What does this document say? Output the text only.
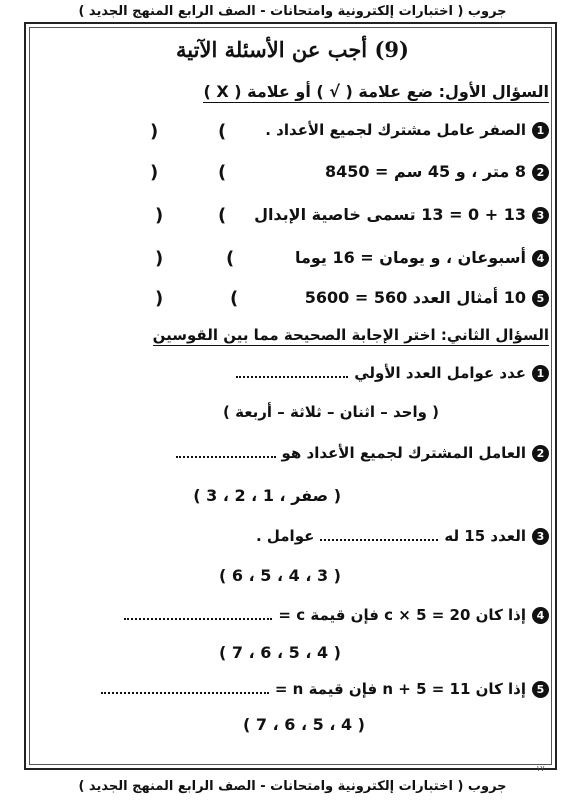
جروب ( اختبارات إلكترونية وامتحانات - الصف الرابع المنهج الجديد )
(9) أجب عن الأسئلة الآتية
السؤال الأول: ضع علامة ( √ ) أو علامة ( X )
1الصفر عامل مشترك لجميع الأعداد .
)	(
28 متر ، و 45 سم = 8450
)	(
313 + 0 = 13 تسمى خاصية الإبدال
)	(
4أسبوعان ، و يومان = 16 يوما
)	(
510 أمثال العدد 560 = 5600
)	(
السؤال الثاني: اختر الإجابة الصحيحة مما بين القوسين
1عدد عوامل العدد الأولي
( واحد – اثنان – ثلاثة – أربعة )
2العامل المشترك لجميع الأعداد هو
( صفر ، 1 ، 2 ، 3 )
3العدد 15 لهعوامل .
( 3 ، 4 ، 5 ، 6 )
4إذا كان 20 = 5 × c فإن قيمة c =
( 4 ، 5 ، 6 ، 7 )
5إذا كان n + 5 = 11 فإن قيمة n =
( 4 ، 5 ، 6 ، 7 )
١٧
جروب ( اختبارات إلكترونية وامتحانات - الصف الرابع المنهج الجديد )
